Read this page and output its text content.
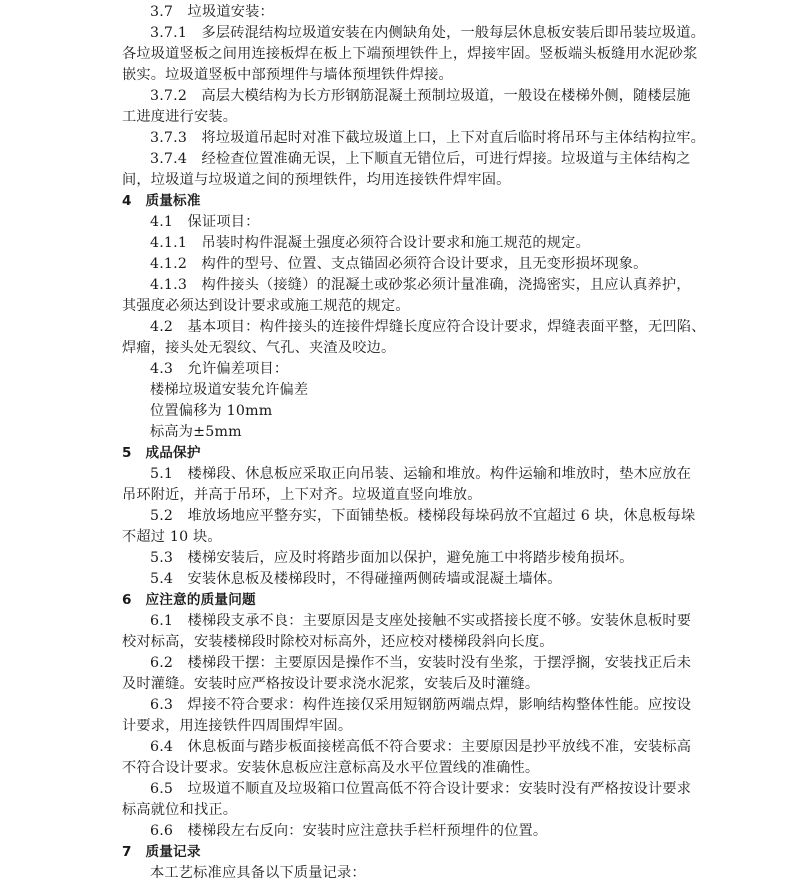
3.7　垃圾道安装：
3.7.1　多层砖混结构垃圾道安装在内侧缺角处，一般每层休息板安装后即吊装垃圾道。
各垃圾道竖板之间用连接板焊在板上下端预埋铁件上，焊接牢固。竖板端头板缝用水泥砂浆
嵌实。垃圾道竖板中部预埋件与墙体预埋铁件焊接。
3.7.2　高层大模结构为长方形钢筋混凝土预制垃圾道，一般设在楼梯外侧，随楼层施
工进度进行安装。
3.7.3　将垃圾道吊起时对准下截垃圾道上口，上下对直后临时将吊环与主体结构拉牢。
3.7.4　经检查位置准确无误，上下顺直无错位后，可进行焊接。垃圾道与主体结构之
间，垃圾道与垃圾道之间的预埋铁件，均用连接铁件焊牢固。
4　质量标准
4.1　保证项目：
4.1.1　吊装时构件混凝土强度必须符合设计要求和施工规范的规定。
4.1.2　构件的型号、位置、支点锚固必须符合设计要求，且无变形损坏现象。
4.1.3　构件接头（接缝）的混凝土或砂浆必须计量准确，浇捣密实，且应认真养护，
其强度必须达到设计要求或施工规范的规定。
4.2　基本项目：构件接头的连接件焊缝长度应符合设计要求，焊缝表面平整，无凹陷、
焊瘤，接头处无裂纹、气孔、夹渣及咬边。
4.3　允许偏差项目：
楼梯垃圾道安装允许偏差
位置偏移为 10mm
标高为±5mm
5　成品保护
5.1　楼梯段、休息板应采取正向吊装、运输和堆放。构件运输和堆放时，垫木应放在
吊环附近，并高于吊环，上下对齐。垃圾道直竖向堆放。
5.2　堆放场地应平整夯实，下面铺垫板。楼梯段每垛码放不宜超过 6 块，休息板每垛
不超过 10 块。
5.3　楼梯安装后，应及时将踏步面加以保护，避免施工中将踏步棱角损坏。
5.4　安装休息板及楼梯段时，不得碰撞两侧砖墙或混凝土墙体。
6　应注意的质量问题
6.1　楼梯段支承不良：主要原因是支座处接触不实或搭接长度不够。安装休息板时要
校对标高，安装楼梯段时除校对标高外，还应校对楼梯段斜向长度。
6.2　楼梯段干摆：主要原因是操作不当，安装时没有坐浆，于摆浮搁，安装找正后未
及时灌缝。安装时应严格按设计要求浇水泥浆，安装后及时灌缝。
6.3　焊接不符合要求：构件连接仅采用短钢筋两端点焊，影响结构整体性能。应按设
计要求，用连接铁件四周围焊牢固。
6.4　休息板面与踏步板面接槎高低不符合要求：主要原因是抄平放线不准，安装标高
不符合设计要求。安装休息板应注意标高及水平位置线的准确性。
6.5　垃圾道不顺直及垃圾箱口位置高低不符合设计要求：安装时没有严格按设计要求
标高就位和找正。
6.6　楼梯段左右反向：安装时应注意扶手栏杆预埋件的位置。
7　质量记录
本工艺标准应具备以下质量记录：
